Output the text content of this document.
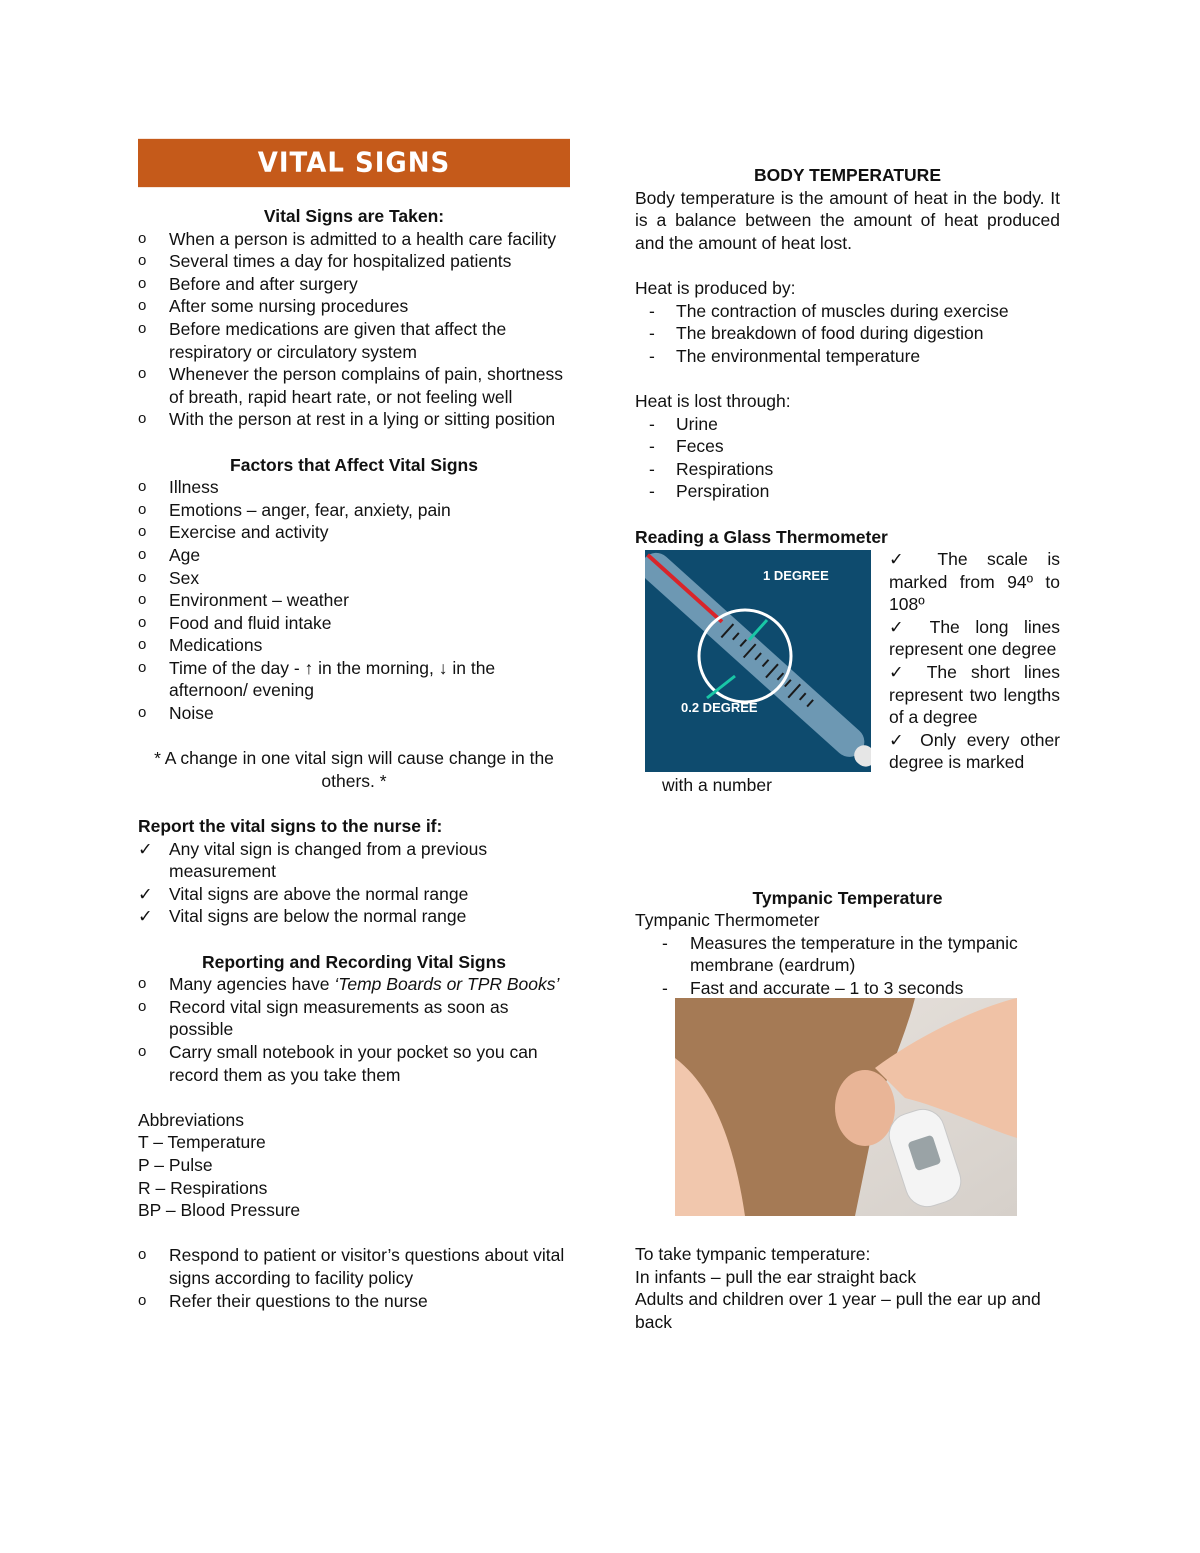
VITAL SIGNS
Vital Signs are Taken:
o When a person is admitted to a health care facility
o Several times a day for hospitalized patients
o Before and after surgery
o After some nursing procedures
o Before medications are given that affect the respiratory or circulatory system
o Whenever the person complains of pain, shortness of breath, rapid heart rate, or not feeling well
o With the person at rest in a lying or sitting position
Factors that Affect Vital Signs
o Illness
o Emotions – anger, fear, anxiety, pain
o Exercise and activity
o Age
o Sex
o Environment – weather
o Food and fluid intake
o Medications
o Time of the day - ↑ in the morning, ↓ in the afternoon/ evening
o Noise
* A change in one vital sign will cause change in the others. *
Report the vital signs to the nurse if:
✓ Any vital sign is changed from a previous measurement
✓ Vital signs are above the normal range
✓ Vital signs are below the normal range
Reporting and Recording Vital Signs
o Many agencies have ‘Temp Boards or TPR Books’
o Record vital sign measurements as soon as possible
o Carry small notebook in your pocket so you can record them as you take them
Abbreviations
T – Temperature
P – Pulse
R – Respirations
BP – Blood Pressure
o Respond to patient or visitor’s questions about vital signs according to facility policy
o Refer their questions to the nurse
BODY TEMPERATURE
Body temperature is the amount of heat in the body. It is a balance between the amount of heat produced and the amount of heat lost.
Heat is produced by:
- The contraction of muscles during exercise
- The breakdown of food during digestion
- The environmental temperature
Heat is lost through:
- Urine
- Feces
- Respirations
- Perspiration
Reading a Glass Thermometer
1 DEGREE
0.2 DEGREE
✓ The scale is marked from 94º to 108º
✓ The long lines represent one degree
✓ The short lines represent two lengths of a degree
✓ Only every other degree is marked
with a number
Tympanic Temperature
Tympanic Thermometer
- Measures the temperature in the tympanic membrane (eardrum)
- Fast and accurate – 1 to 3 seconds
To take tympanic temperature:
In infants – pull the ear straight back
Adults and children over 1 year – pull the ear up and back
